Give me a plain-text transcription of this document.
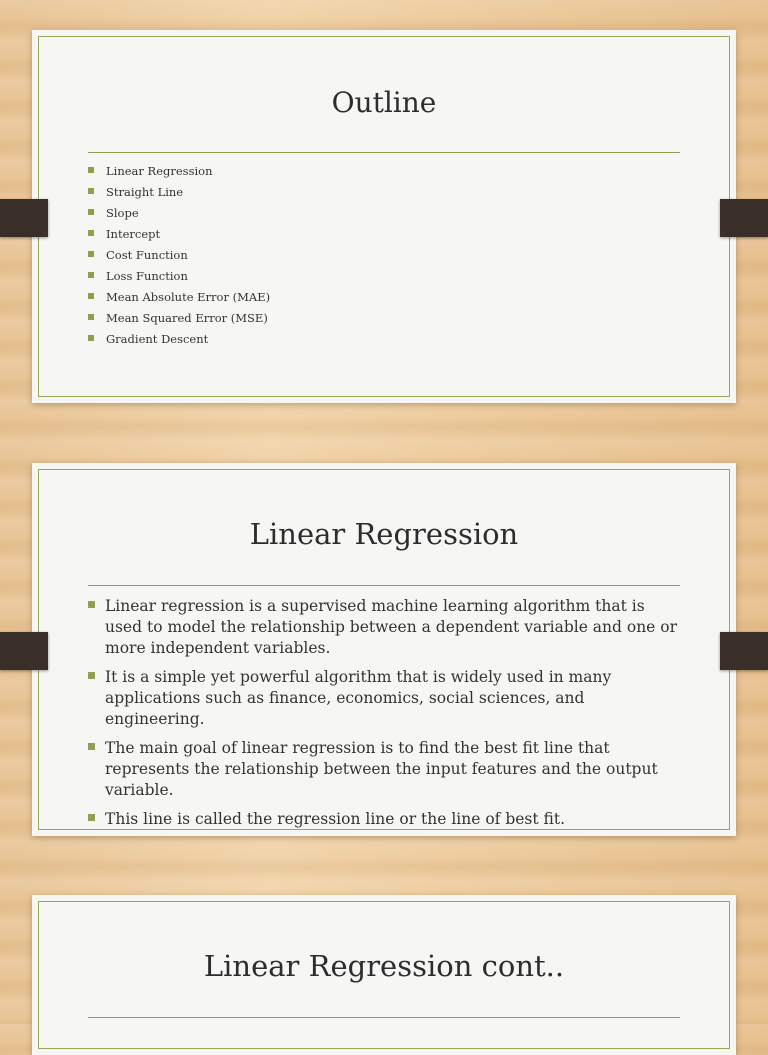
Outline
Linear Regression
Straight Line
Slope
Intercept
Cost Function
Loss Function
Mean Absolute Error (MAE)
Mean Squared Error (MSE)
Gradient Descent
Linear Regression
Linear regression is a supervised machine learning algorithm that is used to model the relationship between a dependent variable and one or more independent variables.
It is a simple yet powerful algorithm that is widely used in many applications such as finance, economics, social sciences, and engineering.
The main goal of linear regression is to find the best fit line that represents the relationship between the input features and the output variable.
This line is called the regression line or the line of best fit.
Linear Regression cont..
